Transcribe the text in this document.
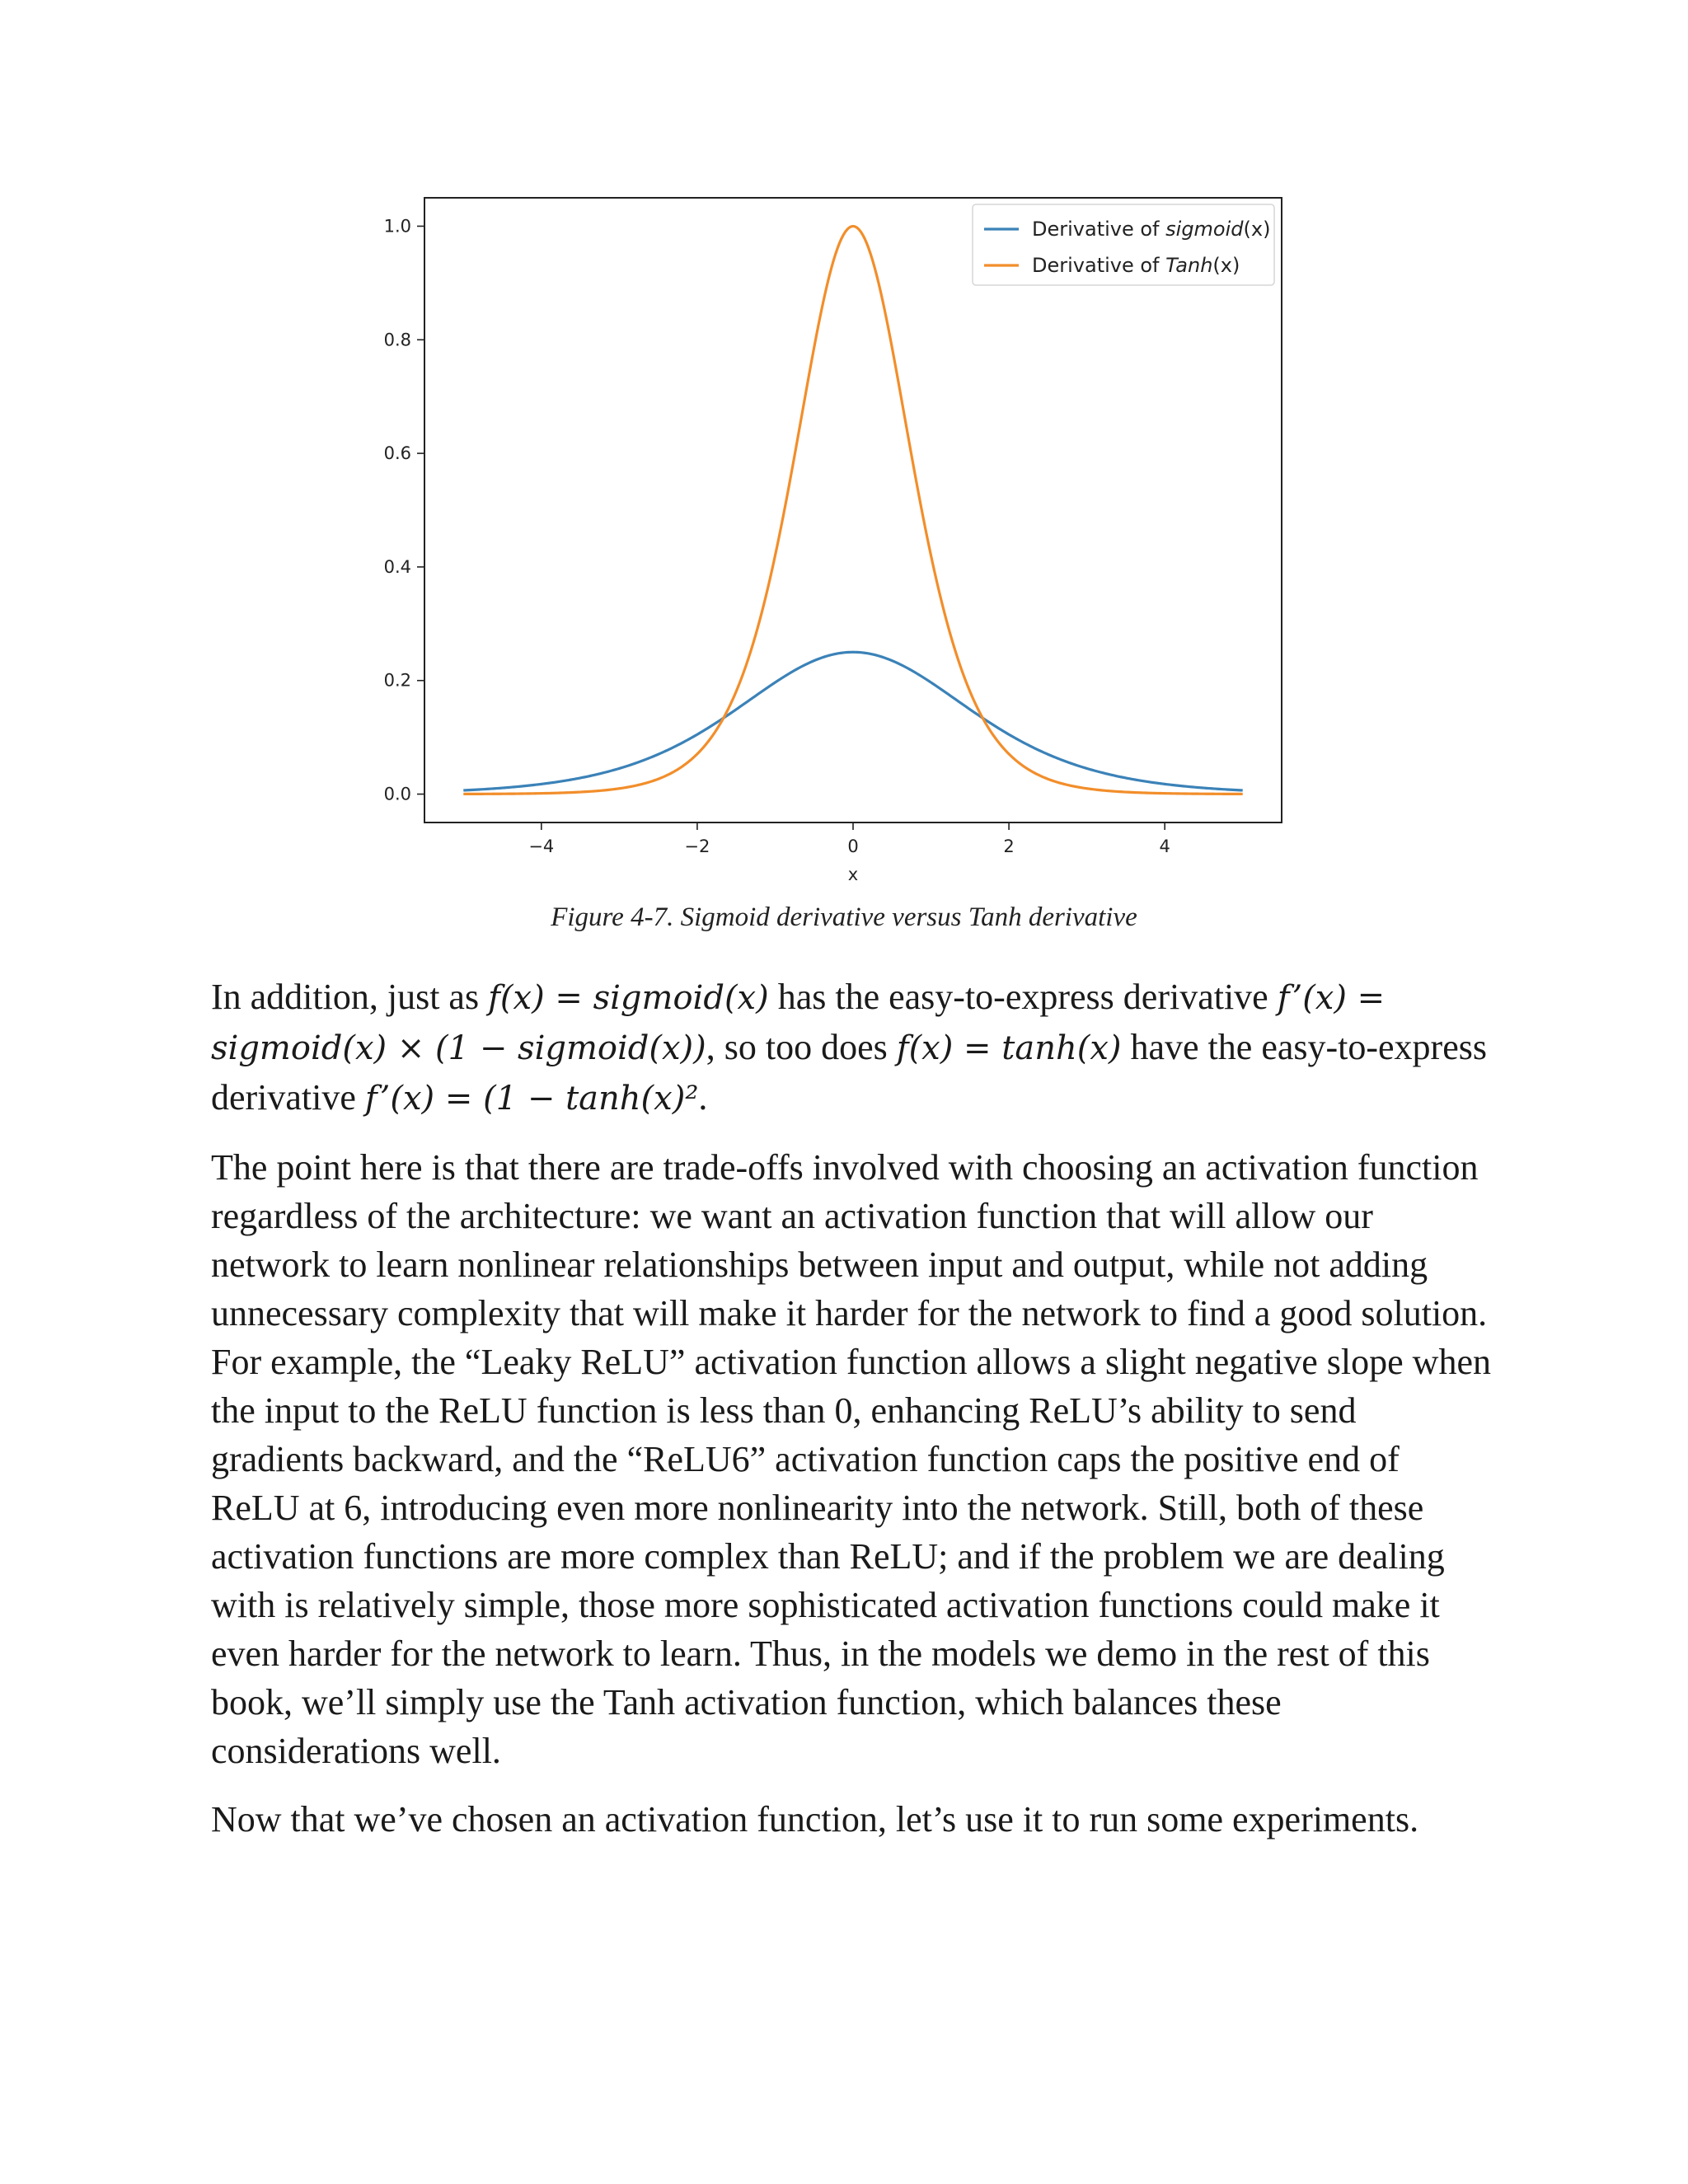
−4	−2	0	2	4
0.0
0.2
0.4
0.6
0.8
1.0
x
Derivative of sigmoid(x)
Derivative of Tanh(x)
Figure 4-7. Sigmoid derivative versus Tanh derivative

In addition, just as f(x) = sigmoid(x) has the easy-to-express derivative f’(x) = sigmoid(x) × (1 − sigmoid(x)), so too does f(x) = tanh(x) have the easy-to-express derivative f’(x) = (1 − tanh(x)².

The point here is that there are trade-offs involved with choosing an activation function regardless of the architecture: we want an activation function that will allow our network to learn nonlinear relationships between input and output, while not adding unnecessary complexity that will make it harder for the network to find a good solution. For example, the “Leaky ReLU” activation function allows a slight negative slope when the input to the ReLU function is less than 0, enhancing ReLU’s ability to send gradients backward, and the “ReLU6” activation function caps the positive end of ReLU at 6, introducing even more nonlinearity into the network. Still, both of these activation functions are more complex than ReLU; and if the problem we are dealing with is relatively simple, those more sophisticated activation functions could make it even harder for the network to learn. Thus, in the models we demo in the rest of this book, we’ll simply use the Tanh activation function, which balances these considerations well.

Now that we’ve chosen an activation function, let’s use it to run some experiments.
